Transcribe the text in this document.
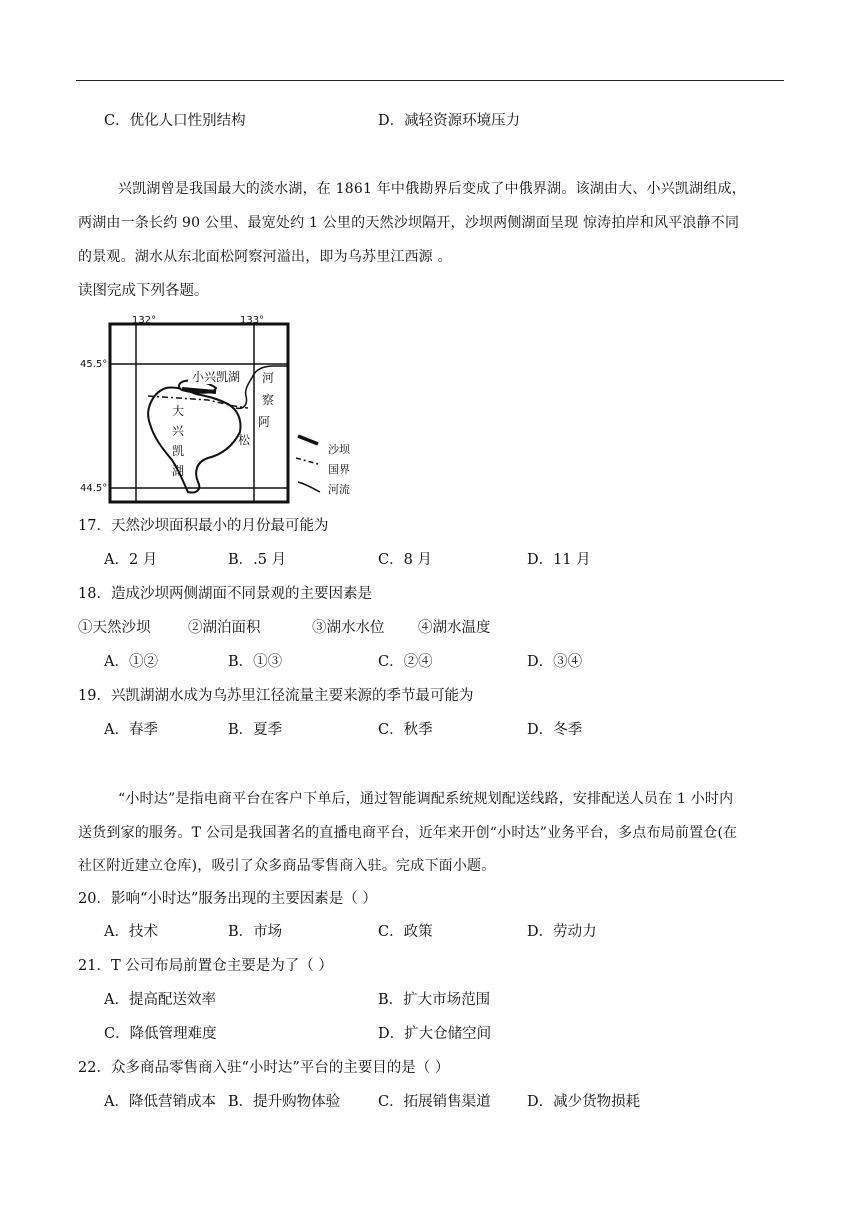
C．优化人口性别结构	D．减轻资源环境压力
兴凯湖曾是我国最大的淡水湖，在 1861 年中俄勘界后变成了中俄界湖。该湖由大、小兴凯湖组成，
两湖由一条长约 90 公里、最宽处约 1 公里的天然沙坝隔开，沙坝两侧湖面呈现 惊涛拍岸和风平浪静不同
的景观。湖水从东北面松阿察河溢出，即为乌苏里江西源 。
读图完成下列各题。
132°	133°
45.5°
44.5°
小兴凯湖
大
兴
凯
湖
河
察
阿
松
沙坝
国界
河流
17．天然沙坝面积最小的月份最可能为
A．2 月	B．.5 月	C．8 月	D．11 月
18．造成沙坝两侧湖面不同景观的主要因素是
①天然沙坝	②湖泊面积	③湖水水位 ④湖水温度
A．①②	B．①③	C．②④	D．③④
19．兴凯湖湖水成为乌苏里江径流量主要来源的季节最可能为
A．春季	B．夏季	C．秋季	D．冬季
“小时达”是指电商平台在客户下单后，通过智能调配系统规划配送线路，安排配送人员在 1 小时内
送货到家的服务。T 公司是我国著名的直播电商平台，近年来开创“小时达”业务平台，多点布局前置仓(在
社区附近建立仓库)，吸引了众多商品零售商入驻。完成下面小题。
20．影响“小时达”服务出现的主要因素是（ ）
A．技术	B．市场	C．政策	D．劳动力
21．T 公司布局前置仓主要是为了（ ）
A．提高配送效率	B．扩大市场范围
C．降低管理难度	D．扩大仓储空间
22．众多商品零售商入驻“小时达”平台的主要目的是（ ）
A．降低营销成本 B．提升购物体验	C．拓展销售渠道	D．减少货物损耗
